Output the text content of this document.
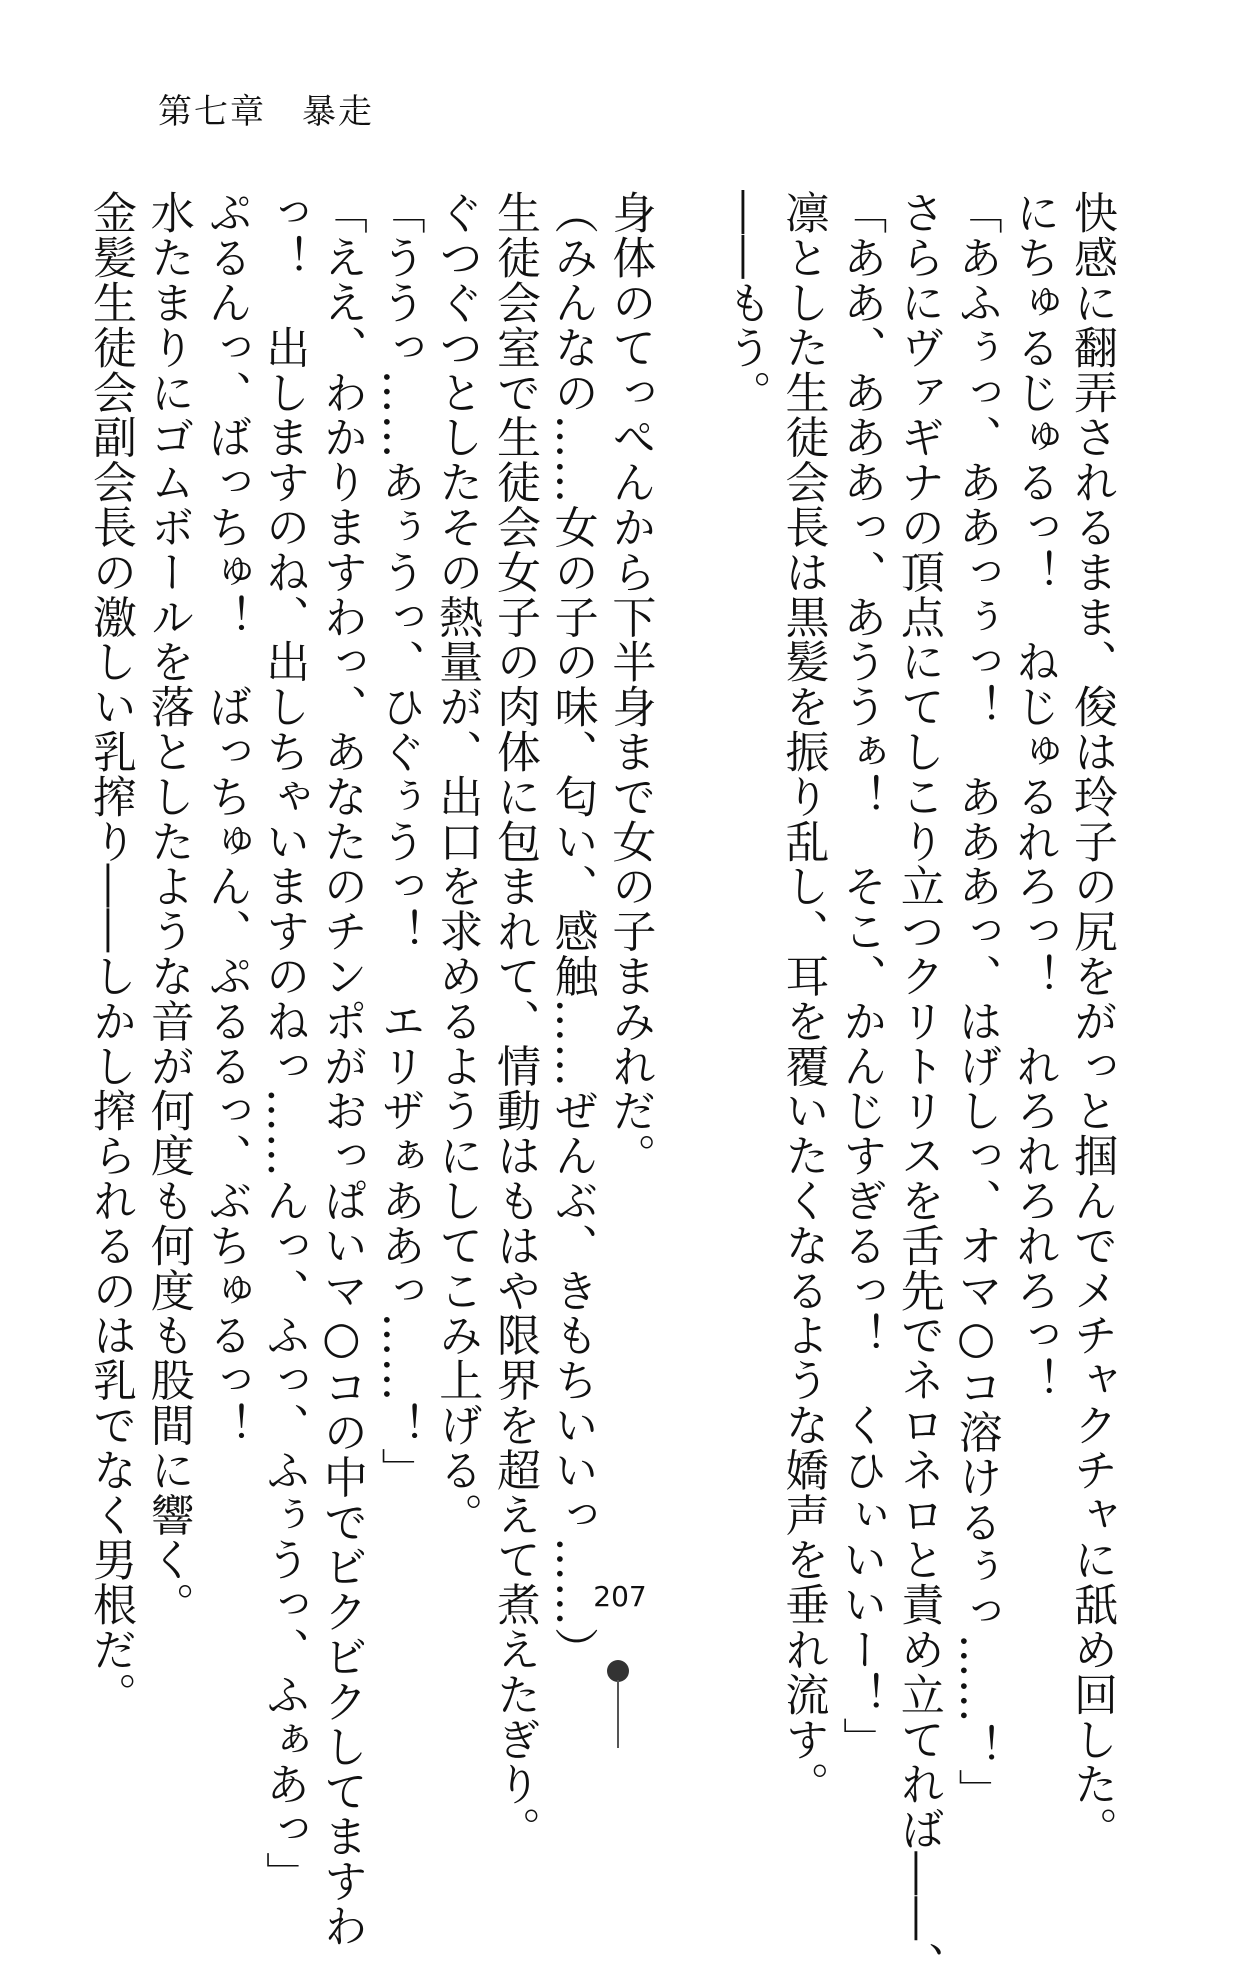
第七章　暴走
快感に翻弄されるまま、俊は玲子の尻をがっと掴んでメチャクチャに舐め回した。
にちゅるじゅるっ！　ねじゅるれろっ！　れろれろれろっ！
「あふぅっ、ああっぅっ！　あああっ、はげしっ、オマ○コ溶けるぅっ……！」
さらにヴァギナの頂点にてしこり立つクリトリスを舌先でネロネロと責め立てれば――、
「ああ、あああっ、あううぁ！　そこ、かんじすぎるっ！　くひぃいいー！」
凛とした生徒会長は黒髪を振り乱し、耳を覆いたくなるような嬌声を垂れ流す。
――もう。
身体のてっぺんから下半身まで女の子まみれだ。
（みんなの……女の子の味、匂い、感触……ぜんぶ、きもちいいっ……）
生徒会室で生徒会女子の肉体に包まれて、情動はもはや限界を超えて煮えたぎり。
ぐつぐつとしたその熱量が、出口を求めるようにしてこみ上げる。
「ううっ……あぅうっ、ひぐぅうっ！　エリザぁああっ……！」
「ええ、わかりますわっ、あなたのチンポがおっぱいマ○コの中でビクビクしてますわ
っ！　出しますのね、出しちゃいますのねっ……んっ、ふっ、ふぅうっ、ふぁあっ」
ぷるんっ、ばっちゅ！　ばっちゅん、ぷるるっ、ぶちゅるっ！
水たまりにゴムボールを落としたような音が何度も何度も股間に響く。
金髪生徒会副会長の激しい乳搾り――しかし搾られるのは乳でなく男根だ。	207
